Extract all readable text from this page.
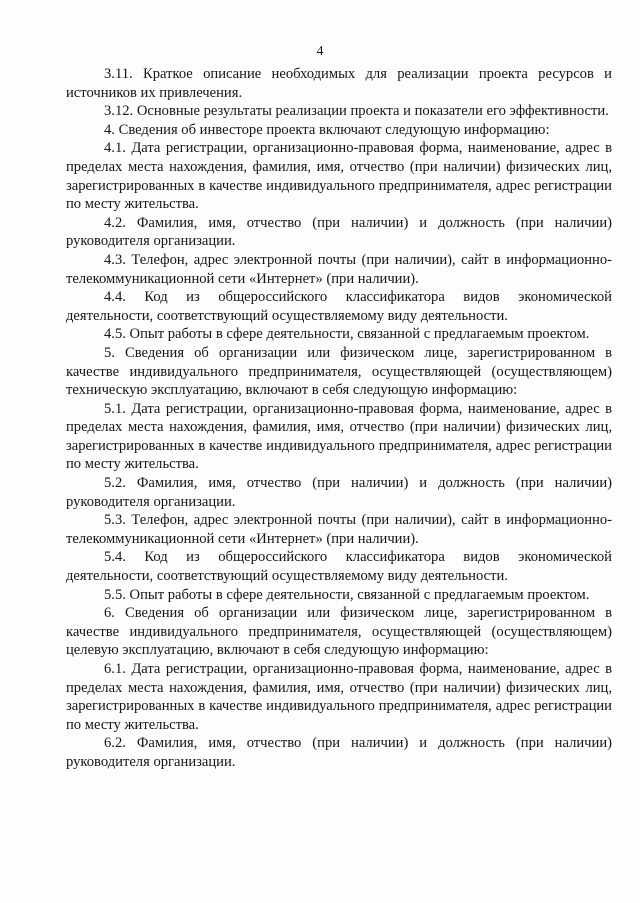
4

3.11. Краткое описание необходимых для реализации проекта ресурсов и источников их привлечения.

3.12. Основные результаты реализации проекта и показатели его эффективности.

4. Сведения об инвесторе проекта включают следующую информацию:

4.1. Дата регистрации, организационно-правовая форма, наименование, адрес в пределах места нахождения, фамилия, имя, отчество (при наличии) физических лиц, зарегистрированных в качестве индивидуального предпринимателя, адрес регистрации по месту жительства.

4.2. Фамилия, имя, отчество (при наличии) и должность (при наличии) руководителя организации.

4.3. Телефон, адрес электронной почты (при наличии), сайт в информационно-телекоммуникационной сети «Интернет» (при наличии).

4.4. Код из общероссийского классификатора видов экономической деятельности, соответствующий осуществляемому виду деятельности.

4.5. Опыт работы в сфере деятельности, связанной с предлагаемым проектом.

5. Сведения об организации или физическом лице, зарегистрированном в качестве индивидуального предпринимателя, осуществляющей (осуществляющем) техническую эксплуатацию, включают в себя следующую информацию:

5.1. Дата регистрации, организационно-правовая форма, наименование, адрес в пределах места нахождения, фамилия, имя, отчество (при наличии) физических лиц, зарегистрированных в качестве индивидуального предпринимателя, адрес регистрации по месту жительства.

5.2. Фамилия, имя, отчество (при наличии) и должность (при наличии) руководителя организации.

5.3. Телефон, адрес электронной почты (при наличии), сайт в информационно-телекоммуникационной сети «Интернет» (при наличии).

5.4. Код из общероссийского классификатора видов экономической деятельности, соответствующий осуществляемому виду деятельности.

5.5. Опыт работы в сфере деятельности, связанной с предлагаемым проектом.

6. Сведения об организации или физическом лице, зарегистрированном в качестве индивидуального предпринимателя, осуществляющей (осуществляющем) целевую эксплуатацию, включают в себя следующую информацию:

6.1. Дата регистрации, организационно-правовая форма, наименование, адрес в пределах места нахождения, фамилия, имя, отчество (при наличии) физических лиц, зарегистрированных в качестве индивидуального предпринимателя, адрес регистрации по месту жительства.

6.2. Фамилия, имя, отчество (при наличии) и должность (при наличии) руководителя организации.
